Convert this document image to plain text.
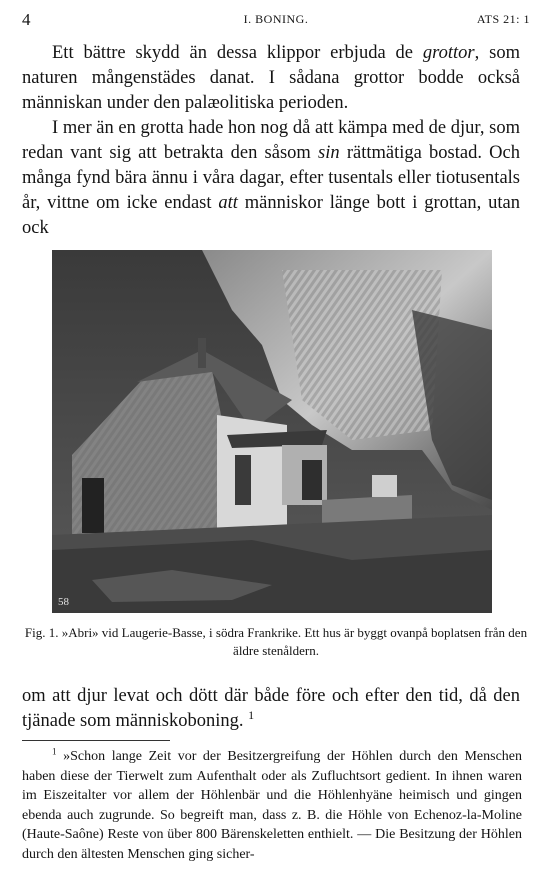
4	I. BONING.	ATS 21: 1

Ett bättre skydd än dessa klippor erbjuda de grottor, som naturen mångenstädes danat. I sådana grottor bodde också människan under den palæolitiska perioden.

I mer än en grotta hade hon nog då att kämpa med de djur, som redan vant sig att betrakta den såsom sin rättmätiga bostad. Och många fynd bära ännu i våra dagar, efter tusentals eller tiotusentals år, vittne om icke endast att människor länge bott i grottan, utan ock

58
Fig. 1. »Abri» vid Laugerie-Basse, i södra Frankrike. Ett hus är byggt ovanpå boplatsen från den äldre stenåldern.

om att djur levat och dött där både före och efter den tid, då den tjänade som människoboning. $^1$

$^1$ »Schon lange Zeit vor der Besitzergreifung der Höhlen durch den Menschen haben diese der Tierwelt zum Aufenthalt oder als Zufluchtsort gedient. In ihnen waren im Eiszeitalter vor allem der Höhlenbär und die Höhlenhyäne heimisch und gingen ebenda auch zugrunde. So begreift man, dass z. B. die Höhle von Echenoz-la-Moline (Haute-Saône) Reste von über 800 Bärenskeletten enthielt. — Die Besitzung der Höhlen durch den ältesten Menschen ging sicher-
